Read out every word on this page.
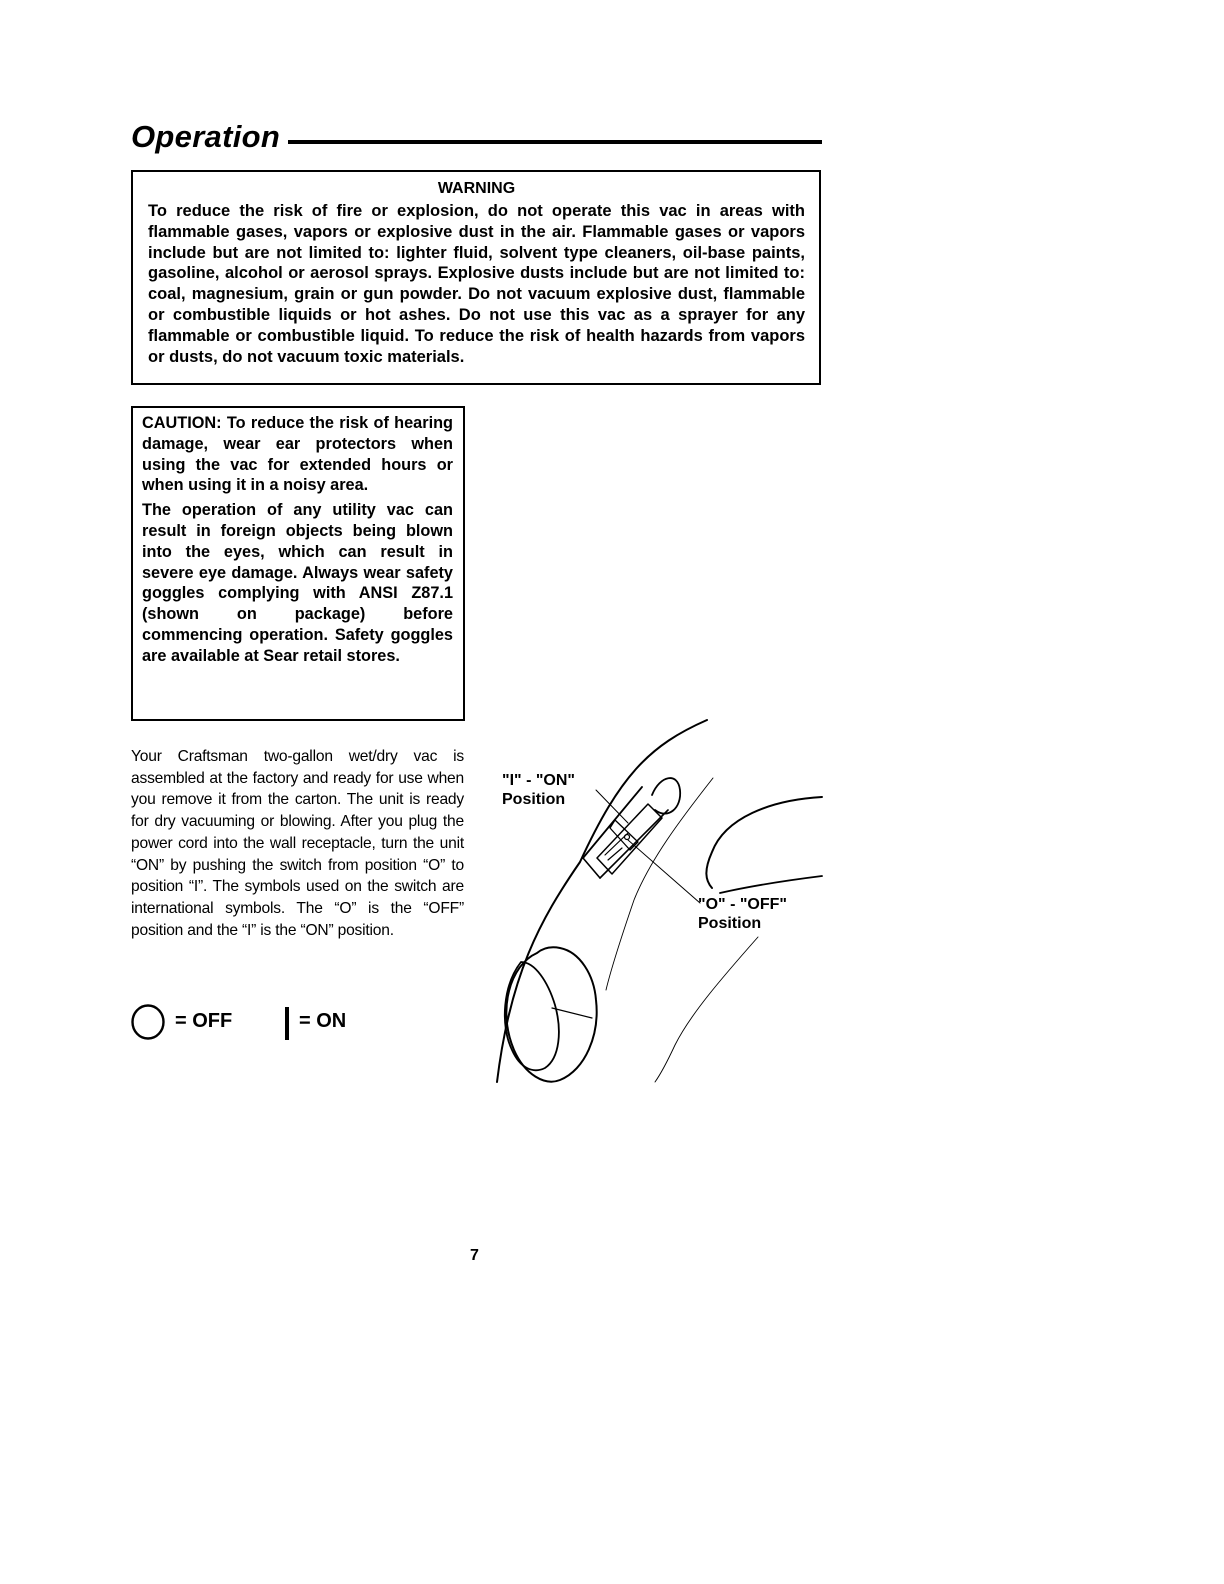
Operation
WARNING
To reduce the risk of fire or explosion, do not operate this vac in areas with flammable gases, vapors or explosive dust in the air. Flammable gases or vapors include but are not limited to: lighter fluid, solvent type cleaners, oil-base paints, gasoline, alcohol or aerosol sprays. Explosive dusts include but are not limited to: coal, magnesium, grain or gun powder. Do not vacuum explosive dust, flammable or combustible liquids or hot ashes. Do not use this vac as a sprayer for any flammable or combustible liquid. To reduce the risk of health hazards from vapors or dusts, do not vacuum toxic materials.

CAUTION: To reduce the risk of hearing damage, wear ear protectors when using the vac for extended hours or when using it in a noisy area.

The operation of any utility vac can result in foreign objects being blown into the eyes, which can result in severe eye damage. Always wear safety goggles complying with ANSI Z87.1 (shown on package) before commencing operation. Safety goggles are available at Sear retail stores.

Your Craftsman two-gallon wet/dry vac is assembled at the factory and ready for use when you remove it from the carton. The unit is ready for dry vacuuming or blowing. After you plug the power cord into the wall receptacle, turn the unit “ON” by pushing the switch from position “O” to position “I”. The symbols used on the switch are international symbols. The “O” is the “OFF” position and the “I” is the “ON” position.

= OFF	= ON
"I" - "ON"
Position
"O" - "OFF"
Position
7
